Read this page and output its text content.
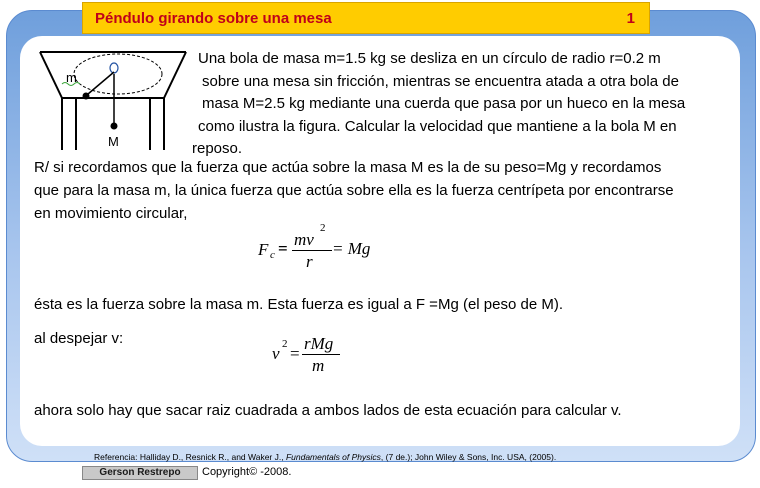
Péndulo girando sobre una mesa	1
m
M
Una bola de masa m=1.5 kg se desliza en un círculo de radio r=0.2 m
sobre una mesa sin fricción, mientras se encuentra atada a otra bola de
masa M=2.5 kg mediante una cuerda que pasa por un hueco en la mesa
como ilustra la figura. Calcular la velocidad que mantiene a la bola M en
reposo.
R/ si recordamos que la fuerza que actúa sobre la masa M es la de su peso=Mg y recordamos
que para la masa m, la única fuerza que actúa sobre ella es la fuerza centrípeta por encontrarse
en movimiento circular,
F c = mv
2
r
= Mg
ésta es la fuerza sobre la masa m. Esta fuerza es igual a F =Mg (el peso de M).
al despejar v:
v 2 =
rMg
m
ahora solo hay que sacar raiz cuadrada a ambos lados de esta ecuación para calcular v.
Referencia: Halliday D., Resnick R., and Waker J., Fundamentals of Physics, (7 de.); John Wiley & Sons, Inc. USA, (2005).
Gerson Restrepo	Copyright© -2008.
